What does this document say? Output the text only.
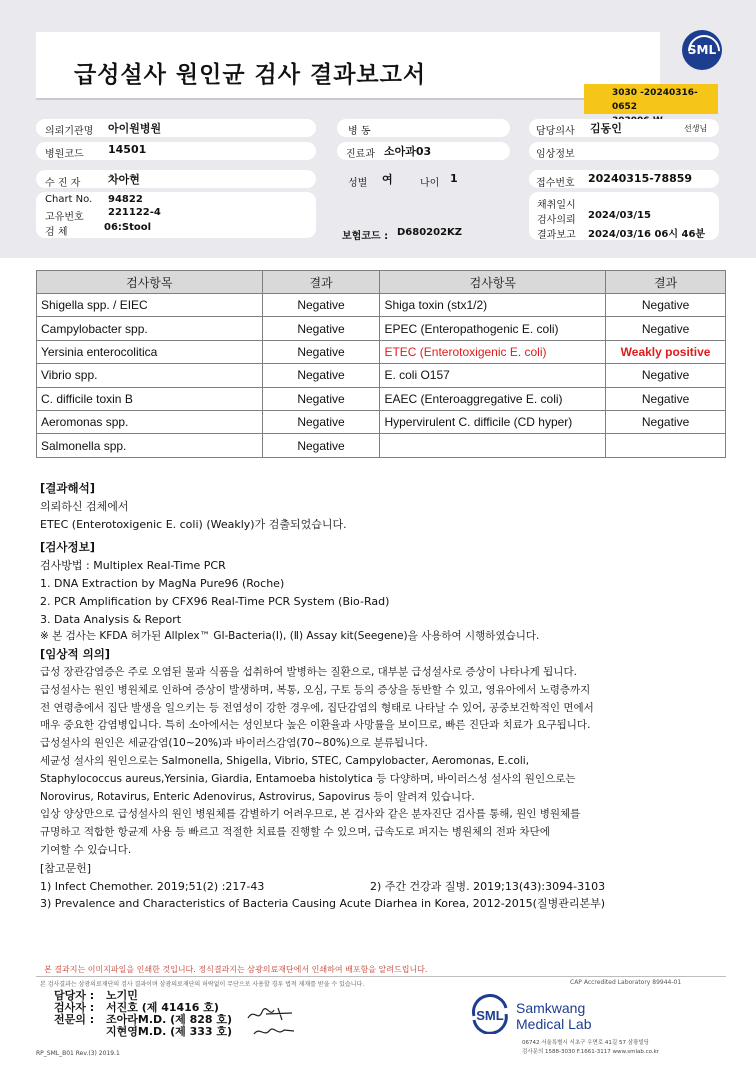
급성설사 원인균 검사 결과보고서
SML
3030 -20240316-0652
의뢰기관명 아이원병원	병 동	담당의사 김동인	선생님
병원코드 14501	진료과 소아과03	임상정보
수 진 자	차아현	성별 여	나이 1	접수번호 20240315-78859
Chart No. 94822
고유번호 221122-4
검 체	06:Stool
보험코드 : D680202KZ
채취일시
검사의뢰 2024/03/15
결과보고 2024/03/16 06시 46분
검사항목	결과	검사항목	결과
Shigella spp. / EIEC	Negative	Shiga toxin (stx1/2)	Negative
Campylobacter spp.	Negative	EPEC (Enteropathogenic E. coli)	Negative
Yersinia enterocolitica	Negative	ETEC (Enterotoxigenic E. coli)	Weakly positive
Vibrio spp.	Negative	E. coli O157	Negative
C. difficile toxin B	Negative	EAEC (Enteroaggregative E. coli)	Negative
Aeromonas spp.	Negative	Hypervirulent C. difficile (CD hyper)	Negative
Salmonella spp.	Negative		
[결과해석]
의뢰하신 검체에서
ETEC (Enterotoxigenic E. coli) (Weakly)가 검출되었습니다.
[검사정보]
검사방법 : Multiplex Real-Time PCR
1. DNA Extraction by MagNa Pure96 (Roche)
2. PCR Amplification by CFX96 Real-Time PCR System (Bio-Rad)
3. Data Analysis & Report
※ 본 검사는 KFDA 허가된 Allplex™ GI-Bacteria(Ⅰ), (Ⅱ) Assay kit(Seegene)을 사용하여 시행하였습니다.
[임상적 의의]
급성 장관감염증은 주로 오염된 물과 식품을 섭취하여 발병하는 질환으로, 대부분 급성설사로 증상이 나타나게 됩니다.
급성설사는 원인 병원체로 인하여 증상이 발생하며, 복통, 오심, 구토 등의 증상을 동반할 수 있고, 영유아에서 노령층까지
전 연령층에서 집단 발생을 일으키는 등 전염성이 강한 경우에, 집단감염의 형태로 나타날 수 있어, 공중보건학적인 면에서
매우 중요한 감염병입니다. 특히 소아에서는 성인보다 높은 이환율과 사망률을 보이므로, 빠른 진단과 치료가 요구됩니다.
급성설사의 원인은 세균감염(10~20%)과 바이러스감염(70~80%)으로 분류됩니다.
세균성 설사의 원인으로는 Salmonella, Shigella, Vibrio, STEC, Campylobacter, Aeromonas, E.coli,
Staphylococcus aureus,Yersinia, Giardia, Entamoeba histolytica 등 다양하며, 바이러스성 설사의 원인으로는
Norovirus, Rotavirus, Enteric Adenovirus, Astrovirus, Sapovirus 등이 알려져 있습니다.
임상 양상만으로 급성설사의 원인 병원체를 감별하기 어려우므로, 본 검사와 같은 분자진단 검사를 통해, 원인 병원체를
규명하고 적합한 항균제 사용 등 빠르고 적절한 치료를 진행할 수 있으며, 급속도로 퍼지는 병원체의 전파 차단에
기여할 수 있습니다.
[참고문헌]
1) Infect Chemother. 2019;51(2) :217-43	2) 주간 건강과 질병. 2019;13(43):3094-3103
3) Prevalence and Characteristics of Bacteria Causing Acute Diarhea in Korea, 2012-2015(질병관리본부)
본 결과지는 이미지파일을 인쇄한 것입니다. 정식결과지는 삼광의료재단에서 인쇄하여 배포함을 알려드립니다.
본 검사결과는 삼광의료재단의 검사 결과이며 삼광의료재단의 허락없이 무단으로 사용할 경우 법적 제재를 받을 수 있습니다.	CAP Accredited Laboratory 89944-01
담당자 :	노기민
검사자 :	서진호 (제 41416 호)
전문의 :	조아라M.D. (제 828 호)
지현영M.D. (제 333 호)
SML Samkwang
Medical Lab
06742 서울특별시 서초구 우면로 41길 57 삼광빌딩
검사문의 1588-3030 F.1661-3117 www.smlab.co.kr
RP_SML_B01 Rev.(3) 2019.1
